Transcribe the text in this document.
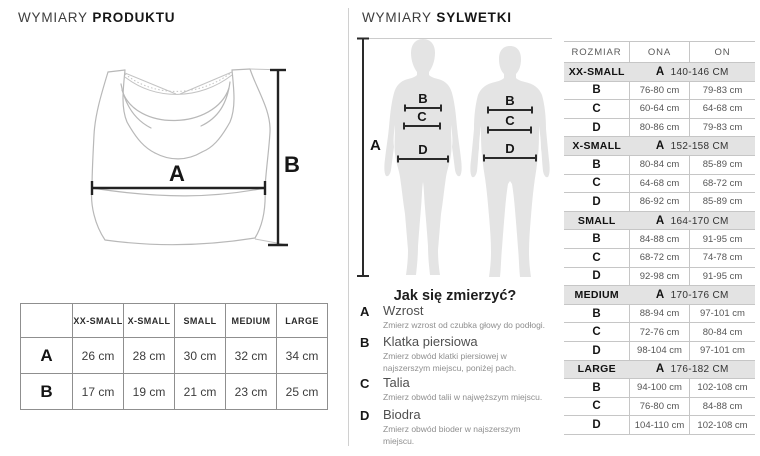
WYMIARY PRODUKTU
A	B
	XX-SMALL	X-SMALL	SMALL	MEDIUM	LARGE
A	26 cm	28 cm	30 cm	32 cm	34 cm
B	17 cm	19 cm	21 cm	23 cm	25 cm
WYMIARY SYLWETKI
A
B
C
D
B
C
D
Jak się zmierzyć?
A	Wzrost
Zmierz wzrost od czubka głowy do podłogi.
B	Klatka piersiowa
Zmierz obwód klatki piersiowej w najszerszym miejscu, poniżej pach.
C	Talia
Zmierz obwód talii w najwęższym miejscu.
D	Biodra
Zmierz obwód bioder w najszerszym miejscu.
ROZMIAR	ONA	ON
XX-SMALL	A  140-146 CM	
B	76-80 cm	79-83 cm
C	60-64 cm	64-68 cm
D	80-86 cm	79-83 cm
X-SMALL	A  152-158 CM	
B	80-84 cm	85-89 cm
C	64-68 cm	68-72 cm
D	86-92 cm	85-89 cm
SMALL	A  164-170 CM	
B	84-88 cm	91-95 cm
C	68-72 cm	74-78 cm
D	92-98 cm	91-95 cm
MEDIUM	A  170-176 CM	
B	88-94 cm	97-101 cm
C	72-76 cm	80-84 cm
D	98-104 cm	97-101 cm
LARGE	A  176-182 CM	
B	94-100 cm	102-108 cm
C	76-80 cm	84-88 cm
D	104-110 cm	102-108 cm
